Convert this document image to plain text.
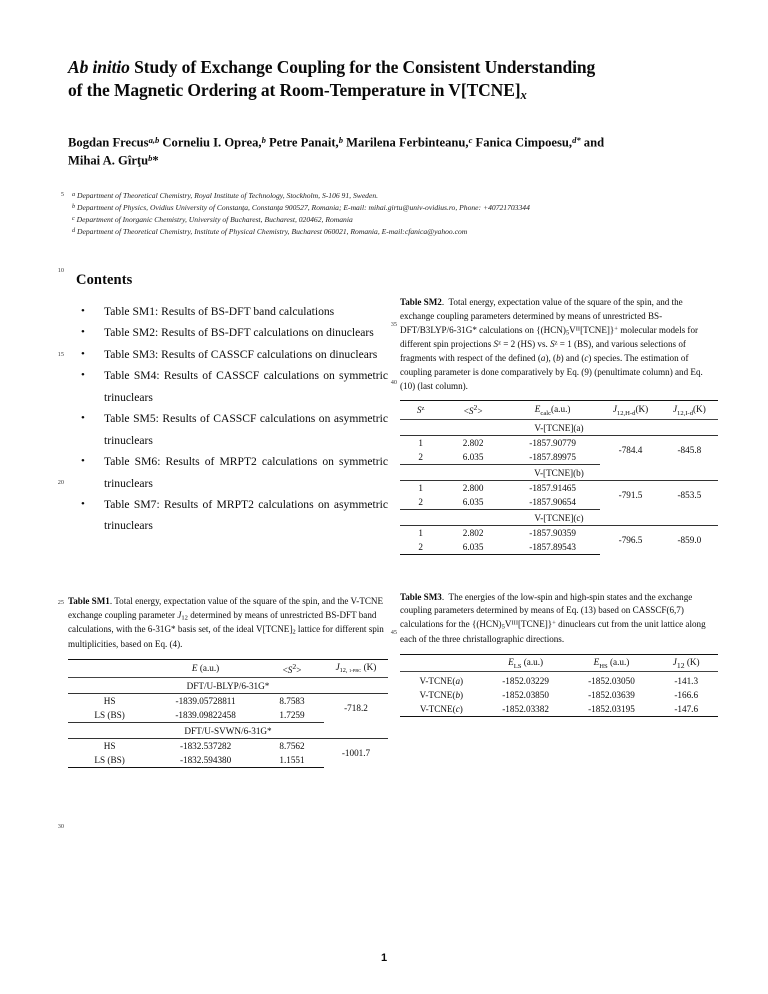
Ab initio Study of Exchange Coupling for the Consistent Understanding
of the Magnetic Ordering at Room-Temperature in $V[TCNE]_x$
Bogdan Frecus$^{a,b}$ Corneliu I. Oprea,$^b$ Petre Panait,$^b$ Marilena Ferbinteanu,$^c$ Fanica Cimpoesu,$^{d*}$ and
Mihai A. Gîrţu$^b$*
$^a$ Department of Theoretical Chemistry, Royal Institute of Technology, Stockholm, S-106 91, Sweden.
$^b$ Department of Physics, Ovidius University of Constanţa, Constanţa 900527, Romania; E-mail: mihai.girtu@univ-ovidius.ro, Phone: +40721703344
$^c$ Department of Inorganic Chemistry, University of Bucharest, Bucharest, 020462, Romania
$^d$ Department of Theoretical Chemistry, Institute of Physical Chemistry, Bucharest 060021, Romania, E-mail:cfanica@yahoo.com
5
10
15
20
25
30
35
40
45
Contents
• Table SM1: Results of BS-DFT band calculations
• Table SM2: Results of BS-DFT calculations on dinuclears
• Table SM3: Results of CASSCF calculations on dinuclears
• Table SM4: Results of CASSCF calculations on symmetric trinuclears
• Table SM5: Results of CASSCF calculations on asymmetric trinuclears
• Table SM6: Results of MRPT2 calculations on symmetric trinuclears
• Table SM7: Results of MRPT2 calculations on asymmetric trinuclears

Table SM1. Total energy, expectation value of the square of the spin, and the V-TCNE exchange coupling parameter $J_{12}$ determined by means of unrestricted BS-DFT band calculations, with the 6-31G* basis set, of the ideal $V[TCNE]_2$ lattice for different spin multiplicities, based on Eq. (4).

	E (a.u.)	$<S^2>$	$J_{12, 1-PBC}$ (K)
DFT/U-BLYP/6-31G*			
HS	-1839.05728811	8.7583	-718.2
LS (BS)	-1839.09822458	1.7259	
DFT/U-SVWN/6-31G*			
HS	-1832.537282	8.7562	-1001.7
LS (BS)	-1832.594380	1.1551	

Table SM2.  Total energy, expectation value of the square of the spin, and the exchange coupling parameters determined by means of unrestricted BS-DFT/B3LYP/6-31G* calculations on $\{(HCN)_5V^{II}[TCNE]\}^+$ molecular models for different spin projections $S^z = 2$ (HS) vs. $S^z = 1$ (BS), and various selections of fragments with respect of the defined (a), (b) and (c) species. The estimation of coupling parameter is done comparatively by Eq. (9) (penultimate column) and Eq. (10) (last column).

$S^z$	$<S^2>$	$E_{calc}(a.u.)$	$J_{12,H-d}(K)$	$J_{12,I-d}(K)$
V-[TCNE](a)				
1	2.802	-1857.90779	-784.4	-845.8
2	6.035	-1857.89975		
V-[TCNE](b)				
1	2.800	-1857.91465	-791.5	-853.5
2	6.035	-1857.90654		
V-[TCNE](c)				
1	2.802	-1857.90359	-796.5	-859.0
2	6.035	-1857.89543		

Table SM3.  The energies of the low-spin and high-spin states and the exchange coupling parameters determined by means of Eq. (13) based on CASSCF(6,7) calculations for the $\{(HCN)_5V^{III}[TCNE]\}^+$ dinuclears cut from the unit lattice along each of the three christallographic directions.

	$E_{LS}$ (a.u.)	$E_{HS}$ (a.u.)	$J_{12}$ (K)
V-TCNE(a)	-1852.03229	-1852.03050	-141.3
V-TCNE(b)	-1852.03850	-1852.03639	-166.6
V-TCNE(c)	-1852.03382	-1852.03195	-147.6
1
